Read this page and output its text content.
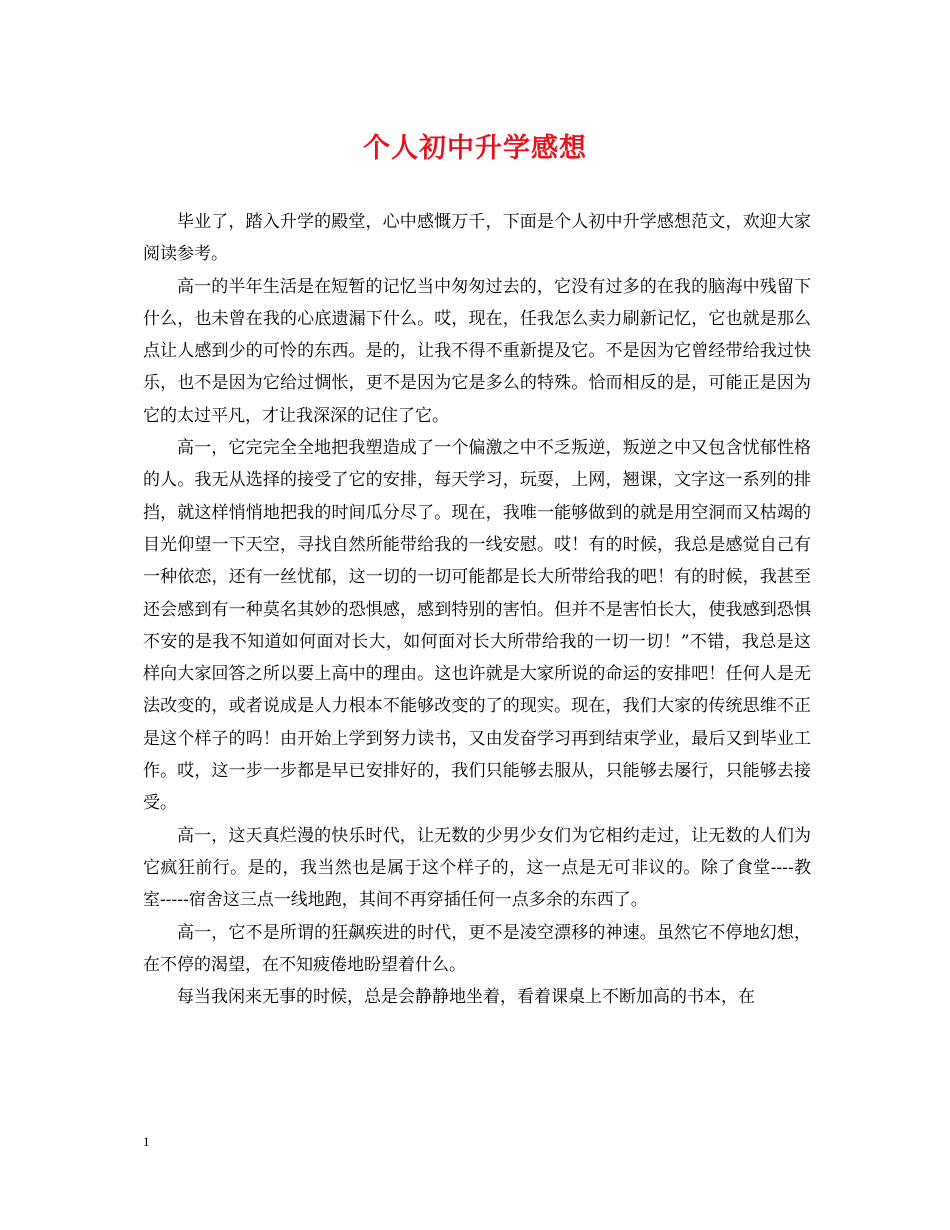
个人初中升学感想

毕业了，踏入升学的殿堂，心中感慨万千，下面是个人初中升学感想范文，欢迎大家阅读参考。

高一的半年生活是在短暂的记忆当中匆匆过去的，它没有过多的在我的脑海中残留下什么，也未曾在我的心底遗漏下什么。哎，现在，任我怎么卖力刷新记忆，它也就是那么点让人感到少的可怜的东西。是的，让我不得不重新提及它。不是因为它曾经带给我过快乐，也不是因为它给过惆怅，更不是因为它是多么的特殊。恰而相反的是，可能正是因为它的太过平凡，才让我深深的记住了它。

高一，它完完全全地把我塑造成了一个偏激之中不乏叛逆，叛逆之中又包含忧郁性格的人。我无从选择的接受了它的安排，每天学习，玩耍，上网，翘课，文字这一系列的排挡，就这样悄悄地把我的时间瓜分尽了。现在，我唯一能够做到的就是用空洞而又枯竭的目光仰望一下天空，寻找自然所能带给我的一线安慰。哎！有的时候，我总是感觉自己有一种依恋，还有一丝忧郁，这一切的一切可能都是长大所带给我的吧！有的时候，我甚至还会感到有一种莫名其妙的恐惧感，感到特别的害怕。但并不是害怕长大，使我感到恐惧不安的是我不知道如何面对长大，如何面对长大所带给我的一切一切！”不错，我总是这样向大家回答之所以要上高中的理由。这也许就是大家所说的命运的安排吧！任何人是无法改变的，或者说成是人力根本不能够改变的了的现实。现在，我们大家的传统思维不正是这个样子的吗！由开始上学到努力读书，又由发奋学习再到结束学业，最后又到毕业工作。哎，这一步一步都是早已安排好的，我们只能够去服从，只能够去屡行，只能够去接受。

高一，这天真烂漫的快乐时代，让无数的少男少女们为它相约走过，让无数的人们为它疯狂前行。是的，我当然也是属于这个样子的，这一点是无可非议的。除了食堂----教室-----宿舍这三点一线地跑，其间不再穿插任何一点多余的东西了。

高一，它不是所谓的狂飙疾进的时代，更不是凌空漂移的神速。虽然它不停地幻想，在不停的渴望，在不知疲倦地盼望着什么。

每当我闲来无事的时候，总是会静静地坐着，看着课桌上不断加高的书本，在

1
